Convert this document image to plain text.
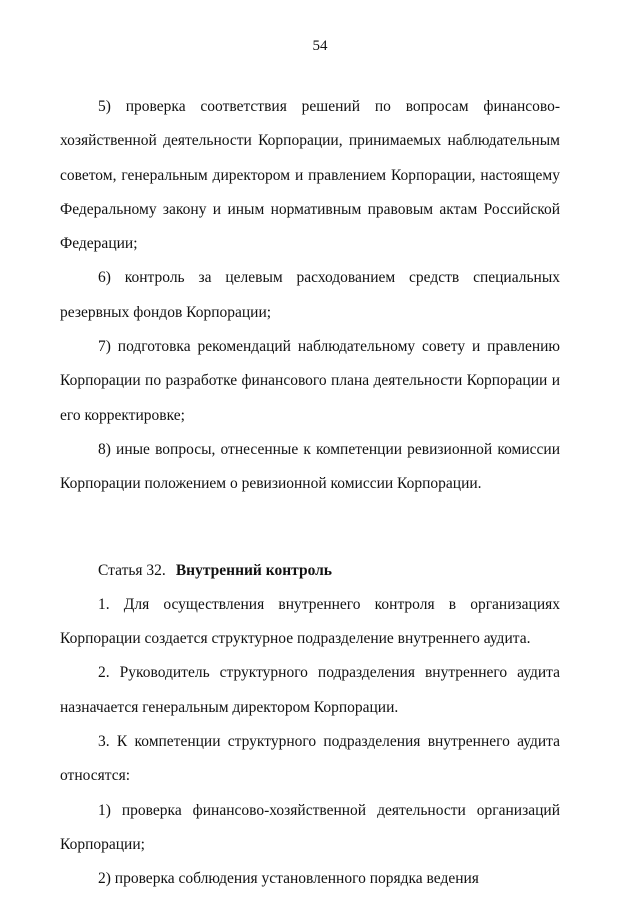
54

5) проверка соответствия решений по вопросам финансово-хозяйственной деятельности Корпорации, принимаемых наблюдательным советом, генеральным директором и правлением Корпорации, настоящему Федеральному закону и иным нормативным правовым актам Российской Федерации;

6) контроль за целевым расходованием средств специальных резервных фондов Корпорации;

7) подготовка рекомендаций наблюдательному совету и правлению Корпорации по разработке финансового плана деятельности Корпорации и его корректировке;

8) иные вопросы, отнесенные к компетенции ревизионной комиссии Корпорации положением о ревизионной комиссии Корпорации.

Статья 32. Внутренний контроль

1. Для осуществления внутреннего контроля в организациях Корпорации создается структурное подразделение внутреннего аудита.

2. Руководитель структурного подразделения внутреннего аудита назначается генеральным директором Корпорации.

3. К компетенции структурного подразделения внутреннего аудита относятся:

1) проверка финансово-хозяйственной деятельности организаций Корпорации;

2) проверка соблюдения установленного порядка ведения
